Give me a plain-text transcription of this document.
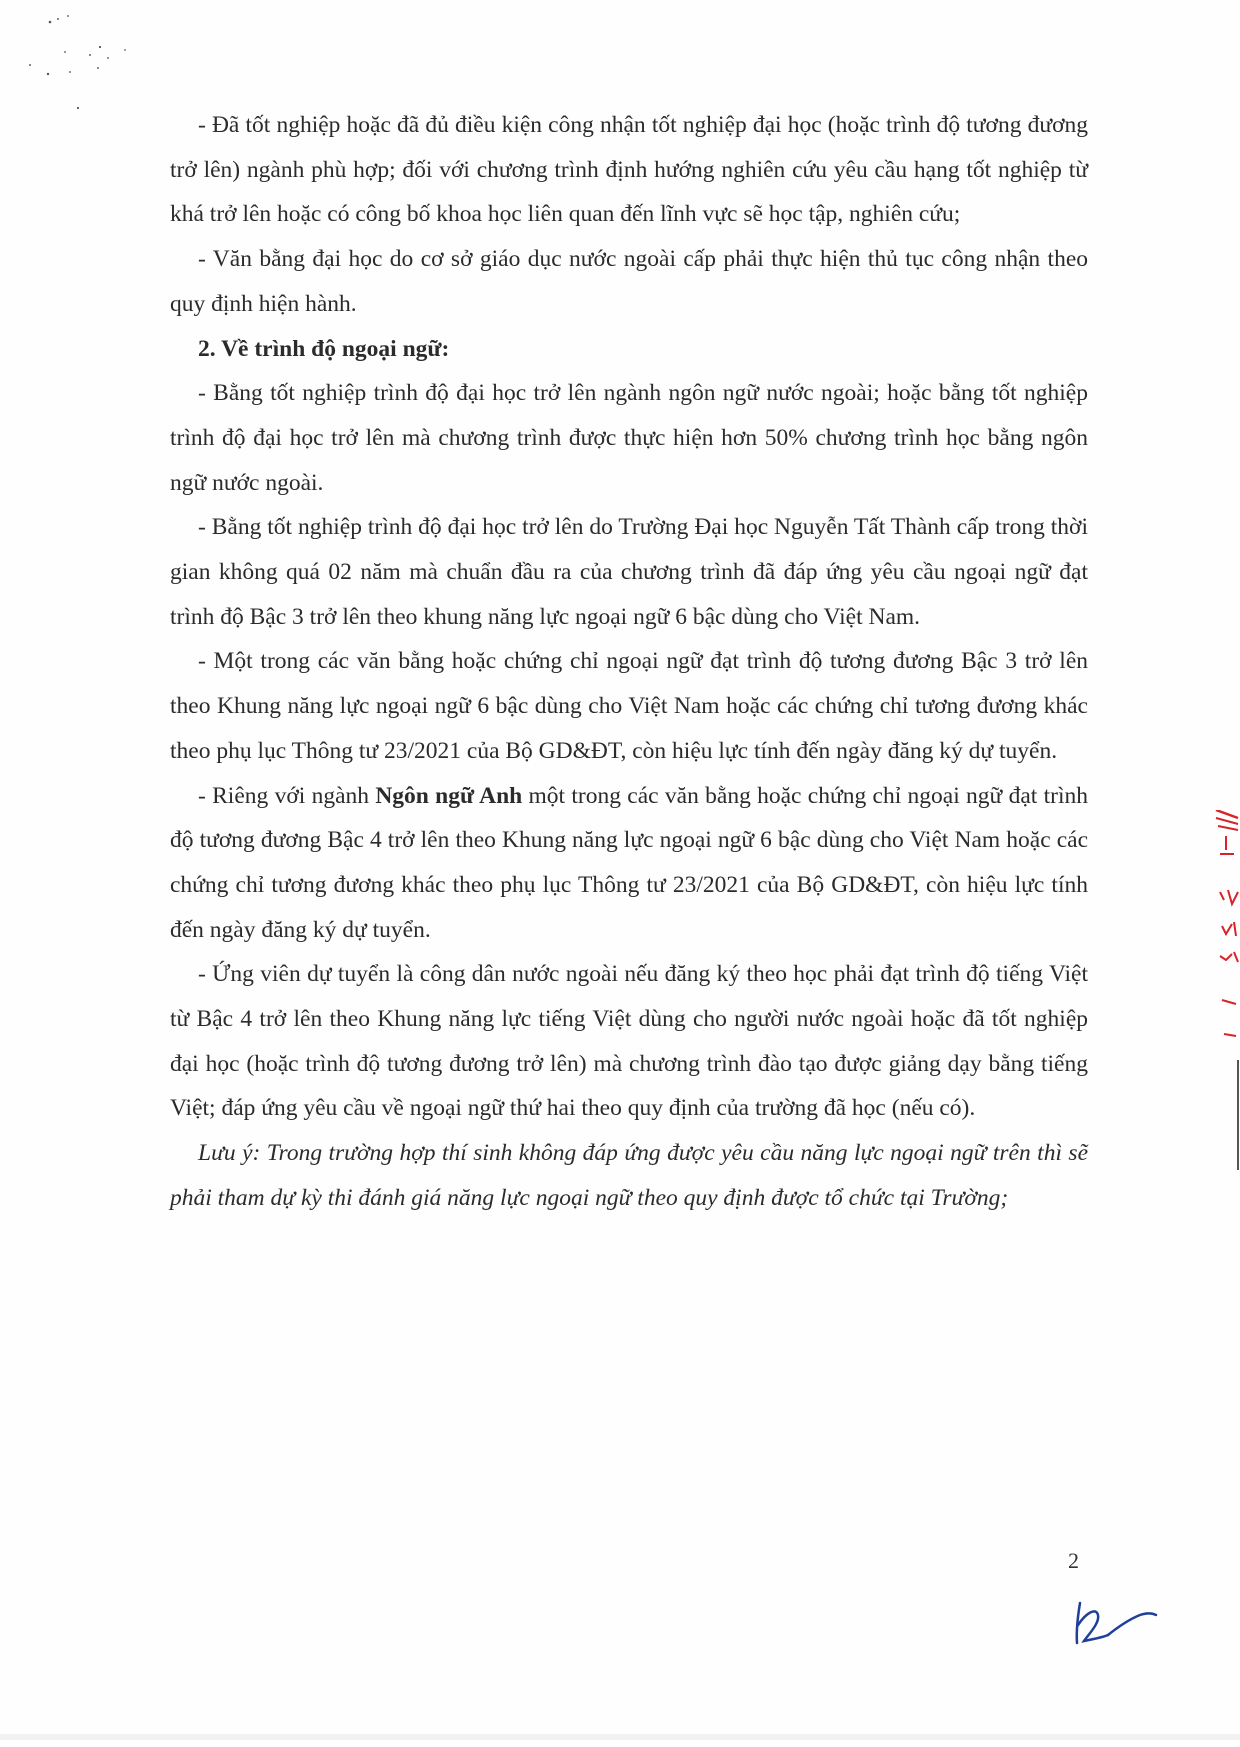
- Đã tốt nghiệp hoặc đã đủ điều kiện công nhận tốt nghiệp đại học (hoặc trình độ tương đương trở lên) ngành phù hợp; đối với chương trình định hướng nghiên cứu yêu cầu hạng tốt nghiệp từ khá trở lên hoặc có công bố khoa học liên quan đến lĩnh vực sẽ học tập, nghiên cứu;

- Văn bằng đại học do cơ sở giáo dục nước ngoài cấp phải thực hiện thủ tục công nhận theo quy định hiện hành.

2. Về trình độ ngoại ngữ:

- Bằng tốt nghiệp trình độ đại học trở lên ngành ngôn ngữ nước ngoài; hoặc bằng tốt nghiệp trình độ đại học trở lên mà chương trình được thực hiện hơn 50% chương trình học bằng ngôn ngữ nước ngoài.

- Bằng tốt nghiệp trình độ đại học trở lên do Trường Đại học Nguyễn Tất Thành cấp trong thời gian không quá 02 năm mà chuẩn đầu ra của chương trình đã đáp ứng yêu cầu ngoại ngữ đạt trình độ Bậc 3 trở lên theo khung năng lực ngoại ngữ 6 bậc dùng cho Việt Nam.

- Một trong các văn bằng hoặc chứng chỉ ngoại ngữ đạt trình độ tương đương Bậc 3 trở lên theo Khung năng lực ngoại ngữ 6 bậc dùng cho Việt Nam hoặc các chứng chỉ tương đương khác theo phụ lục Thông tư 23/2021 của Bộ GD&ĐT, còn hiệu lực tính đến ngày đăng ký dự tuyển.

- Riêng với ngành Ngôn ngữ Anh một trong các văn bằng hoặc chứng chỉ ngoại ngữ đạt trình độ tương đương Bậc 4 trở lên theo Khung năng lực ngoại ngữ 6 bậc dùng cho Việt Nam hoặc các chứng chỉ tương đương khác theo phụ lục Thông tư 23/2021 của Bộ GD&ĐT, còn hiệu lực tính đến ngày đăng ký dự tuyển.

- Ứng viên dự tuyển là công dân nước ngoài nếu đăng ký theo học phải đạt trình độ tiếng Việt từ Bậc 4 trở lên theo Khung năng lực tiếng Việt dùng cho người nước ngoài hoặc đã tốt nghiệp đại học (hoặc trình độ tương đương trở lên) mà chương trình đào tạo được giảng dạy bằng tiếng Việt; đáp ứng yêu cầu về ngoại ngữ thứ hai theo quy định của trường đã học (nếu có).

Lưu ý: Trong trường hợp thí sinh không đáp ứng được yêu cầu năng lực ngoại ngữ trên thì sẽ phải tham dự kỳ thi đánh giá năng lực ngoại ngữ theo quy định được tổ chức tại Trường;

2
